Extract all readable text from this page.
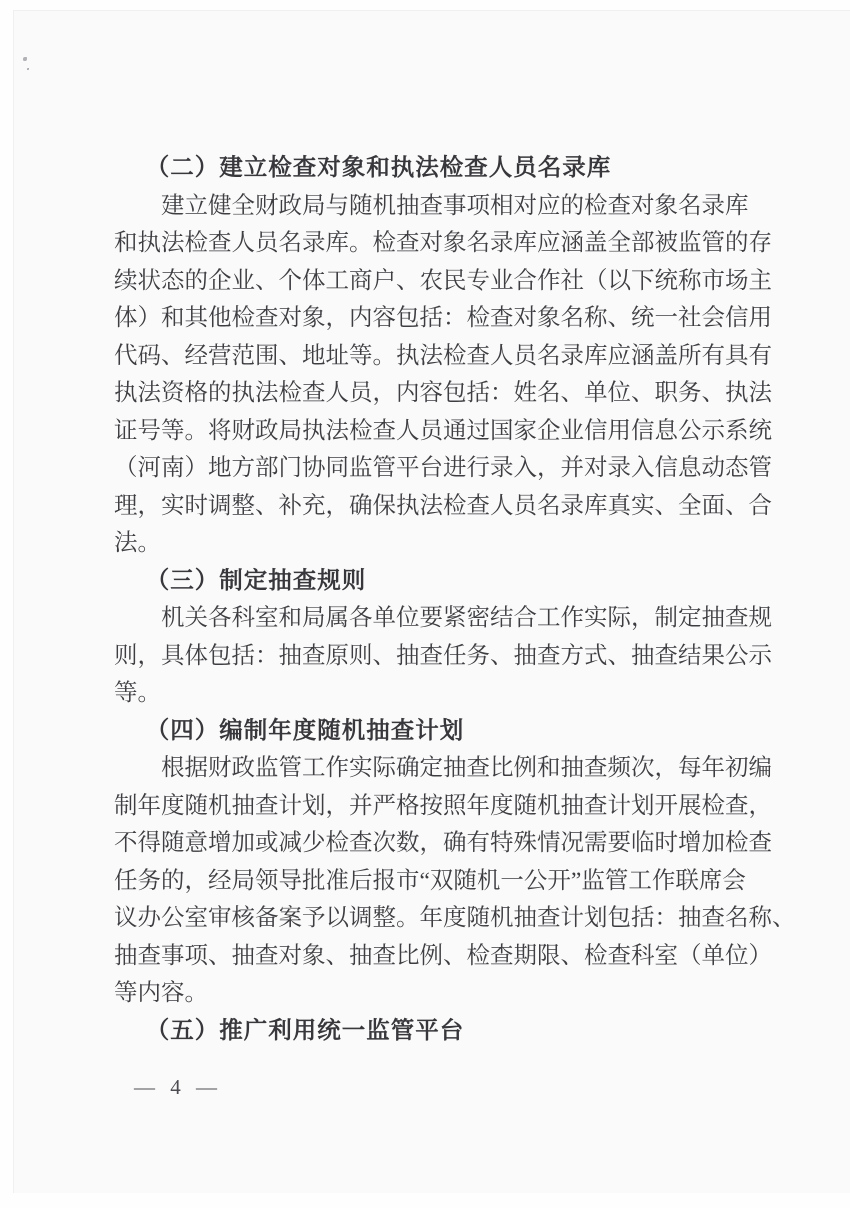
（二）建立检查对象和执法检查人员名录库
建立健全财政局与随机抽查事项相对应的检查对象名录库
和执法检查人员名录库。检查对象名录库应涵盖全部被监管的存
续状态的企业、个体工商户、农民专业合作社（以下统称市场主
体）和其他检查对象，内容包括：检查对象名称、统一社会信用
代码、经营范围、地址等。执法检查人员名录库应涵盖所有具有
执法资格的执法检查人员，内容包括：姓名、单位、职务、执法
证号等。将财政局执法检查人员通过国家企业信用信息公示系统
（河南）地方部门协同监管平台进行录入，并对录入信息动态管
理，实时调整、补充，确保执法检查人员名录库真实、全面、合
法。
（三）制定抽查规则
机关各科室和局属各单位要紧密结合工作实际，制定抽查规
则，具体包括：抽查原则、抽查任务、抽查方式、抽查结果公示
等。
（四）编制年度随机抽查计划
根据财政监管工作实际确定抽查比例和抽查频次，每年初编
制年度随机抽查计划，并严格按照年度随机抽查计划开展检查，
不得随意增加或减少检查次数，确有特殊情况需要临时增加检查
任务的，经局领导批准后报市“双随机一公开”监管工作联席会
议办公室审核备案予以调整。年度随机抽查计划包括：抽查名称、
抽查事项、抽查对象、抽查比例、检查期限、检查科室（单位）
等内容。
（五）推广利用统一监管平台
— 4 —
